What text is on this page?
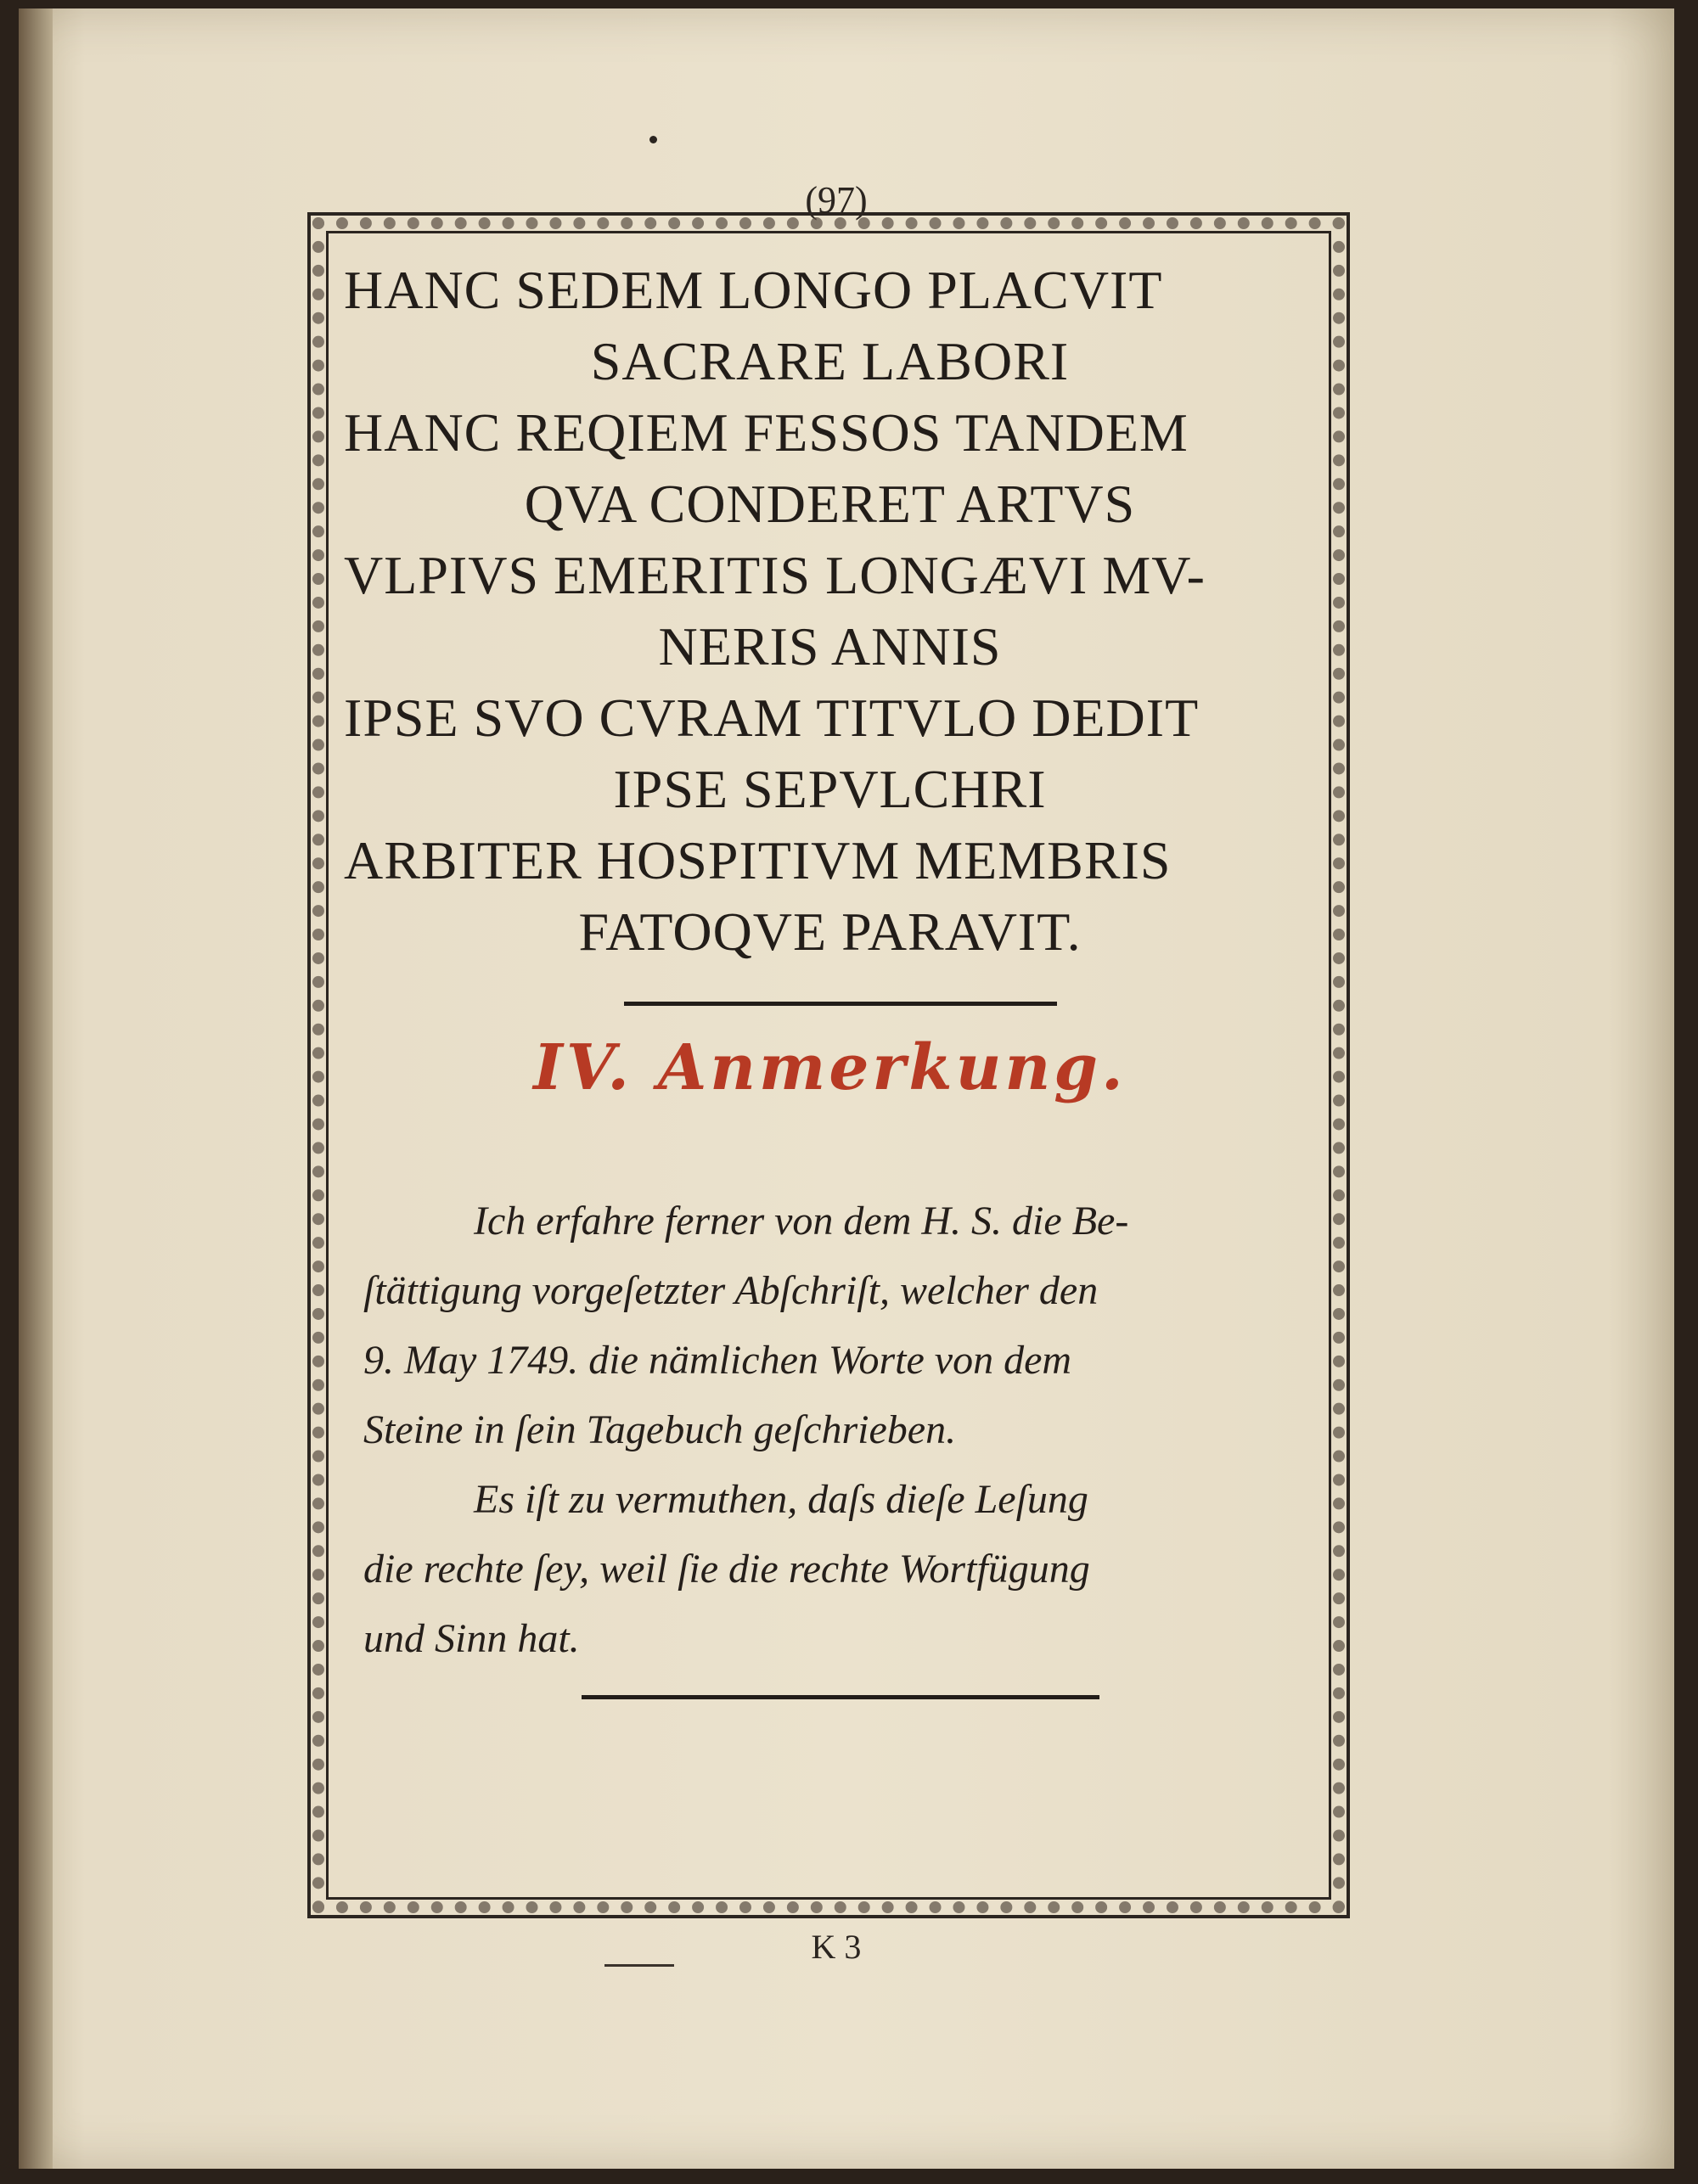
(97)
HANC SEDEM LONGO PLACVIT
SACRARE LABORI
HANC REQIEM FESSOS TANDEM
QVA CONDERET ARTVS
VLPIVS EMERITIS LONGÆVI MV-
NERIS ANNIS
IPSE SVO CVRAM TITVLO DEDIT
IPSE SEPVLCHRI
ARBITER HOSPITIVM MEMBRIS
FATOQVE PARAVIT.
IV. Anmerkung.
Ich erfahre ferner von dem H. S. die Be-
ſtättigung vorgeſetzter Abſchriſt, welcher den
9. May 1749. die nämlichen Worte von dem
Steine in ſein Tagebuch geſchrieben.
Es iſt zu vermuthen, daſs dieſe Leſung
die rechte ſey, weil ſie die rechte Wortfügung
und Sinn hat.
K 3
